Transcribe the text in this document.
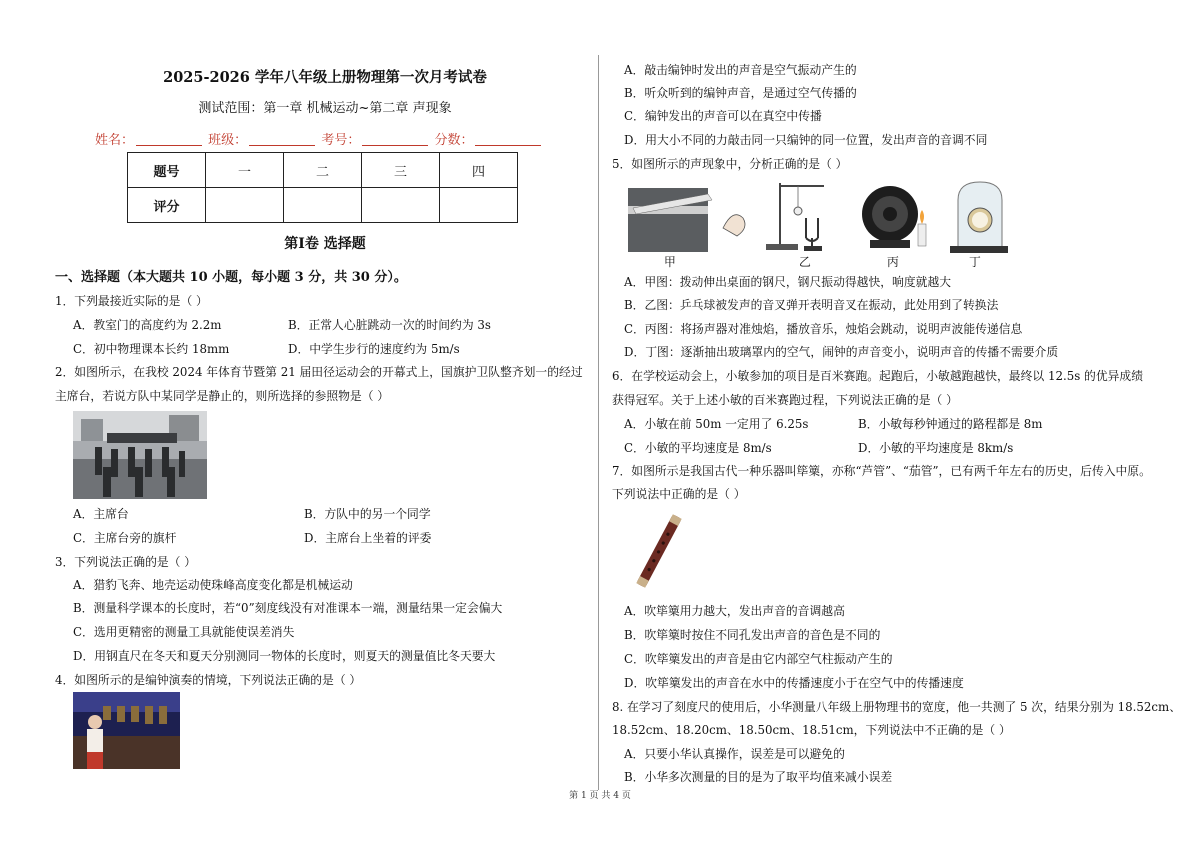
2025-2026 学年八年级上册物理第一次月考试卷
测试范围：第一章 机械运动~第二章 声现象
姓名：	班级：	考号：	分数：
题号	一	二	三	四
评分				
第Ⅰ卷 选择题
一、选择题（本大题共 10 小题，每小题 3 分，共 30 分）。
1．下列最接近实际的是（ ）
A．教室门的高度约为 2.2m	B．正常人心脏跳动一次的时间约为 3s
C．初中物理课本长约 18mm	D．中学生步行的速度约为 5m/s
2．如图所示，在我校 2024 年体育节暨第 21 届田径运动会的开幕式上，国旗护卫队整齐划一的经过
主席台，若说方队中某同学是静止的，则所选择的参照物是（ ）
A．主席台	B．方队中的另一个同学
C．主席台旁的旗杆	D．主席台上坐着的评委
3．下列说法正确的是（ ）
A．猎豹飞奔、地壳运动使珠峰高度变化都是机械运动
B．测量科学课本的长度时，若“0”刻度线没有对准课本一端，测量结果一定会偏大
C．选用更精密的测量工具就能使误差消失
D．用钢直尺在冬天和夏天分别测同一物体的长度时，则夏天的测量值比冬天要大
4．如图所示的是编钟演奏的情境，下列说法正确的是（ ）
A．敲击编钟时发出的声音是空气振动产生的
B．听众听到的编钟声音，是通过空气传播的
C．编钟发出的声音可以在真空中传播
D．用大小不同的力敲击同一只编钟的同一位置，发出声音的音调不同
5．如图所示的声现象中，分析正确的是（ ）
甲	乙	丙	丁
A．甲图：拨动伸出桌面的钢尺，钢尺振动得越快，响度就越大
B．乙图：乒乓球被发声的音叉弹开表明音叉在振动，此处用到了转换法
C．丙图：将扬声器对准烛焰，播放音乐，烛焰会跳动，说明声波能传递信息
D．丁图：逐渐抽出玻璃罩内的空气，闹钟的声音变小，说明声音的传播不需要介质
6．在学校运动会上，小敏参加的项目是百米赛跑。起跑后，小敏越跑越快，最终以 12.5s 的优异成绩
获得冠军。关于上述小敏的百米赛跑过程，下列说法正确的是（ ）
A．小敏在前 50m 一定用了 6.25s	B．小敏每秒钟通过的路程都是 8m
C．小敏的平均速度是 8m/s	D．小敏的平均速度是 8km/s
7．如图所示是我国古代一种乐器叫筚篥，亦称“芦管”、“茄管”，已有两千年左右的历史，后传入中原。
下列说法中正确的是（ ）
A．吹筚篥用力越大，发出声音的音调越高
B．吹筚篥时按住不同孔发出声音的音色是不同的
C．吹筚篥发出的声音是由它内部空气柱振动产生的
D．吹筚篥发出的声音在水中的传播速度小于在空气中的传播速度
8. 在学习了刻度尺的使用后，小华测量八年级上册物理书的宽度，他一共测了 5 次，结果分别为 18.52cm、
18.52cm、18.20cm、18.50cm、18.51cm，下列说法中不正确的是（ ）
A．只要小华认真操作，误差是可以避免的
B．小华多次测量的目的是为了取平均值来减小误差
第 1 页 共 4 页
